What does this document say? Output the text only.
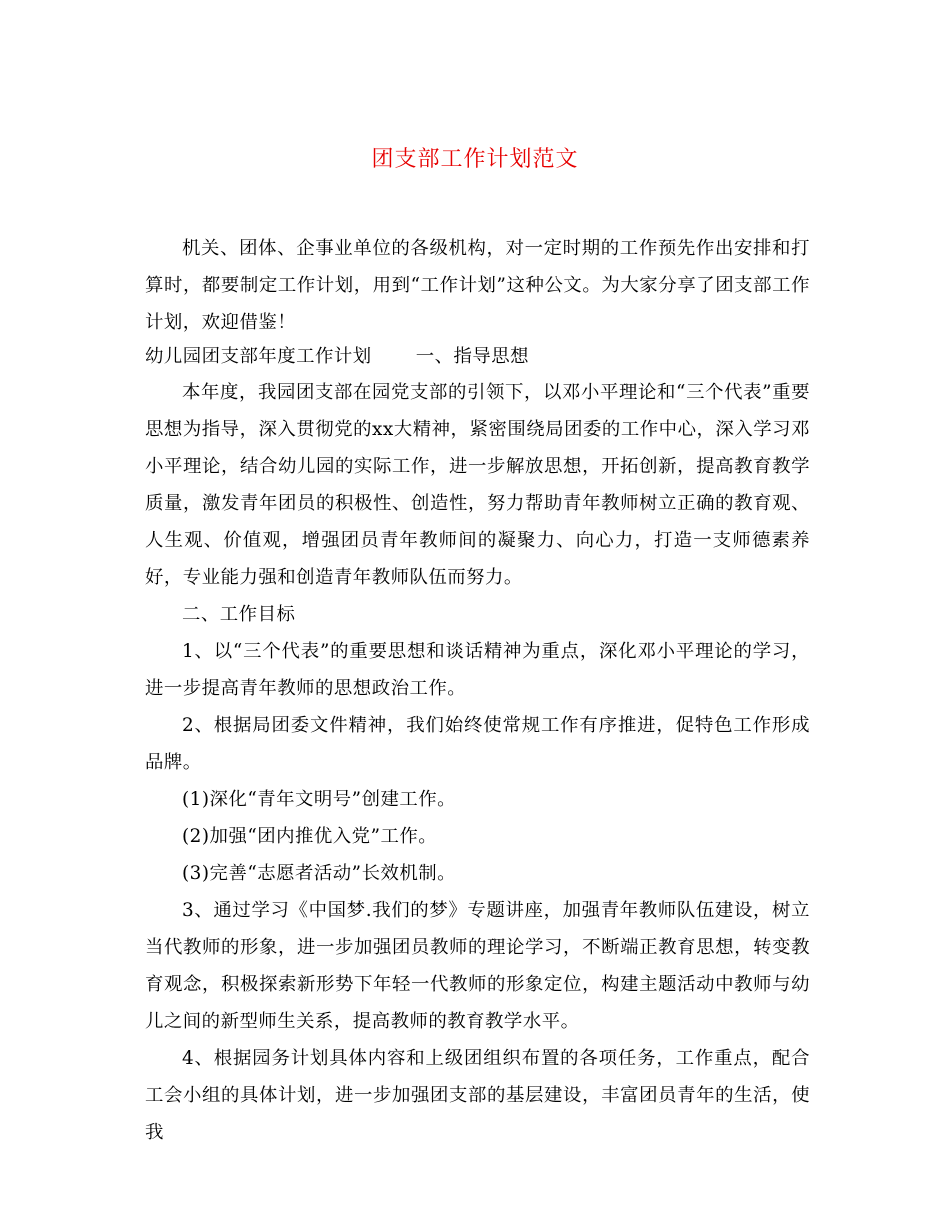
团支部工作计划范文

机关、团体、企事业单位的各级机构，对一定时期的工作预先作出安排和打算时，都要制定工作计划，用到“工作计划”这种公文。为大家分享了团支部工作计划，欢迎借鉴！

幼儿园团支部年度工作计划 一、指导思想

本年度，我园团支部在园党支部的引领下，以邓小平理论和“三个代表”重要思想为指导，深入贯彻党的xx大精神，紧密围绕局团委的工作中心，深入学习邓小平理论，结合幼儿园的实际工作，进一步解放思想，开拓创新，提高教育教学质量，激发青年团员的积极性、创造性，努力帮助青年教师树立正确的教育观、人生观、价值观，增强团员青年教师间的凝聚力、向心力，打造一支师德素养好，专业能力强和创造青年教师队伍而努力。

二、工作目标

1、以“三个代表”的重要思想和谈话精神为重点，深化邓小平理论的学习，进一步提高青年教师的思想政治工作。

2、根据局团委文件精神，我们始终使常规工作有序推进，促特色工作形成品牌。

(1)深化“青年文明号”创建工作。

(2)加强“团内推优入党”工作。

(3)完善“志愿者活动”长效机制。

3、通过学习《中国梦.我们的梦》专题讲座，加强青年教师队伍建设，树立当代教师的形象，进一步加强团员教师的理论学习，不断端正教育思想，转变教育观念，积极探索新形势下年轻一代教师的形象定位，构建主题活动中教师与幼儿之间的新型师生关系，提高教师的教育教学水平。

4、根据园务计划具体内容和上级团组织布置的各项任务，工作重点，配合工会小组的具体计划，进一步加强团支部的基层建设，丰富团员青年的生活，使我
